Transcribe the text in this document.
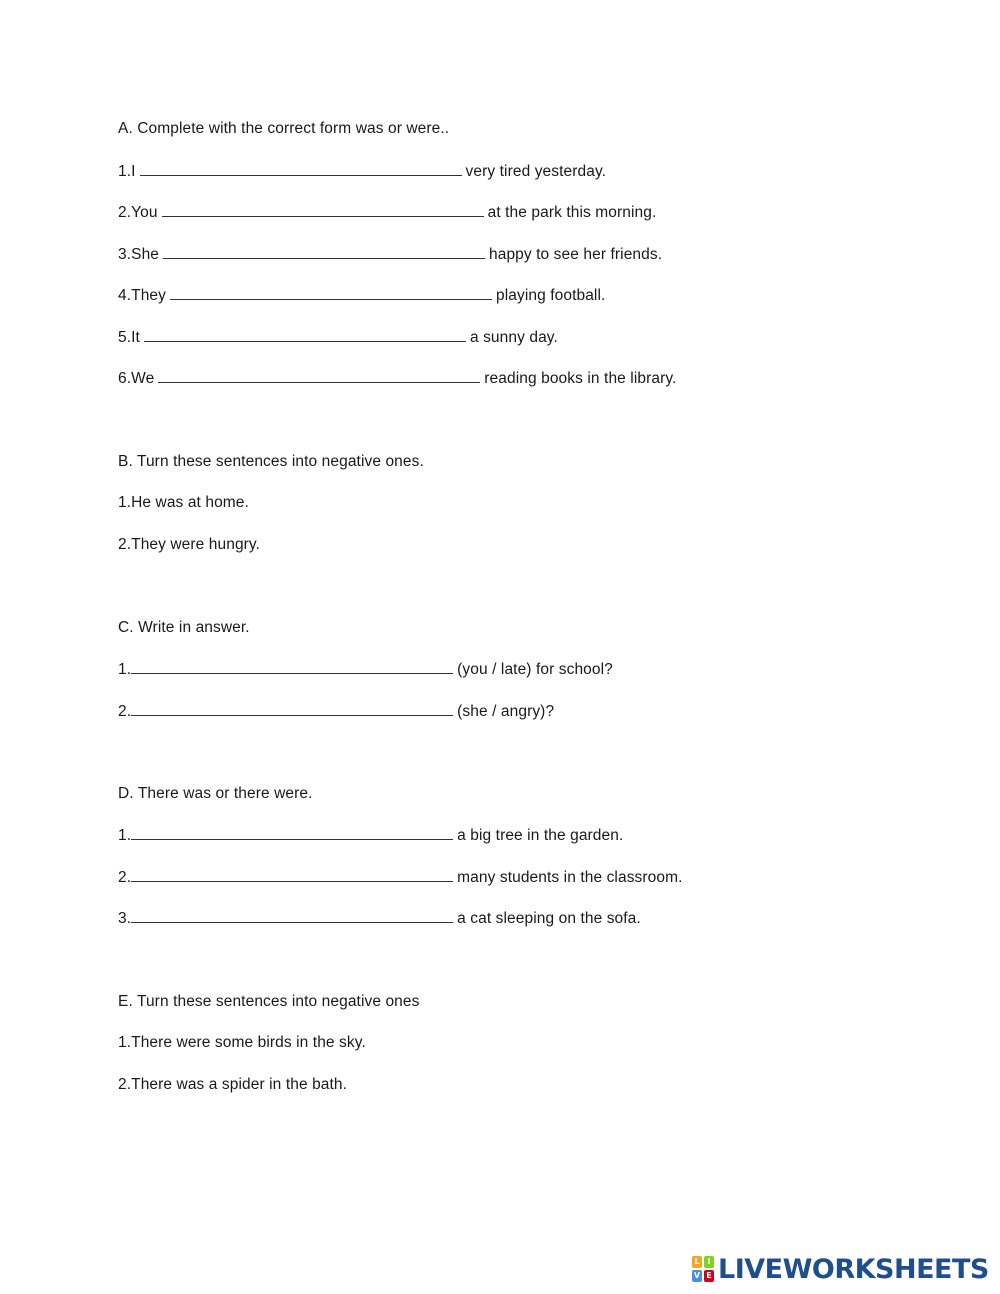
A. Complete with the correct form was or were..
1.I	very tired yesterday.
2.You	at the park this morning.
3.She	happy to see her friends.
4.They	playing football.
5.It	a sunny day.
6.We	reading books in the library.
B. Turn these sentences into negative ones.
1.He was at home.
2.They were hungry.
C. Write in answer.
1.	(you / late) for school?
2.	(she / angry)?
D. There was or there were.
1.	a big tree in the garden.
2.	many students in the classroom.
3.	a cat sleeping on the sofa.
E. Turn these sentences into negative ones
1.There were some birds in the sky.
2.There was a spider in the bath.
L I
V E LIVEWORKSHEETS
